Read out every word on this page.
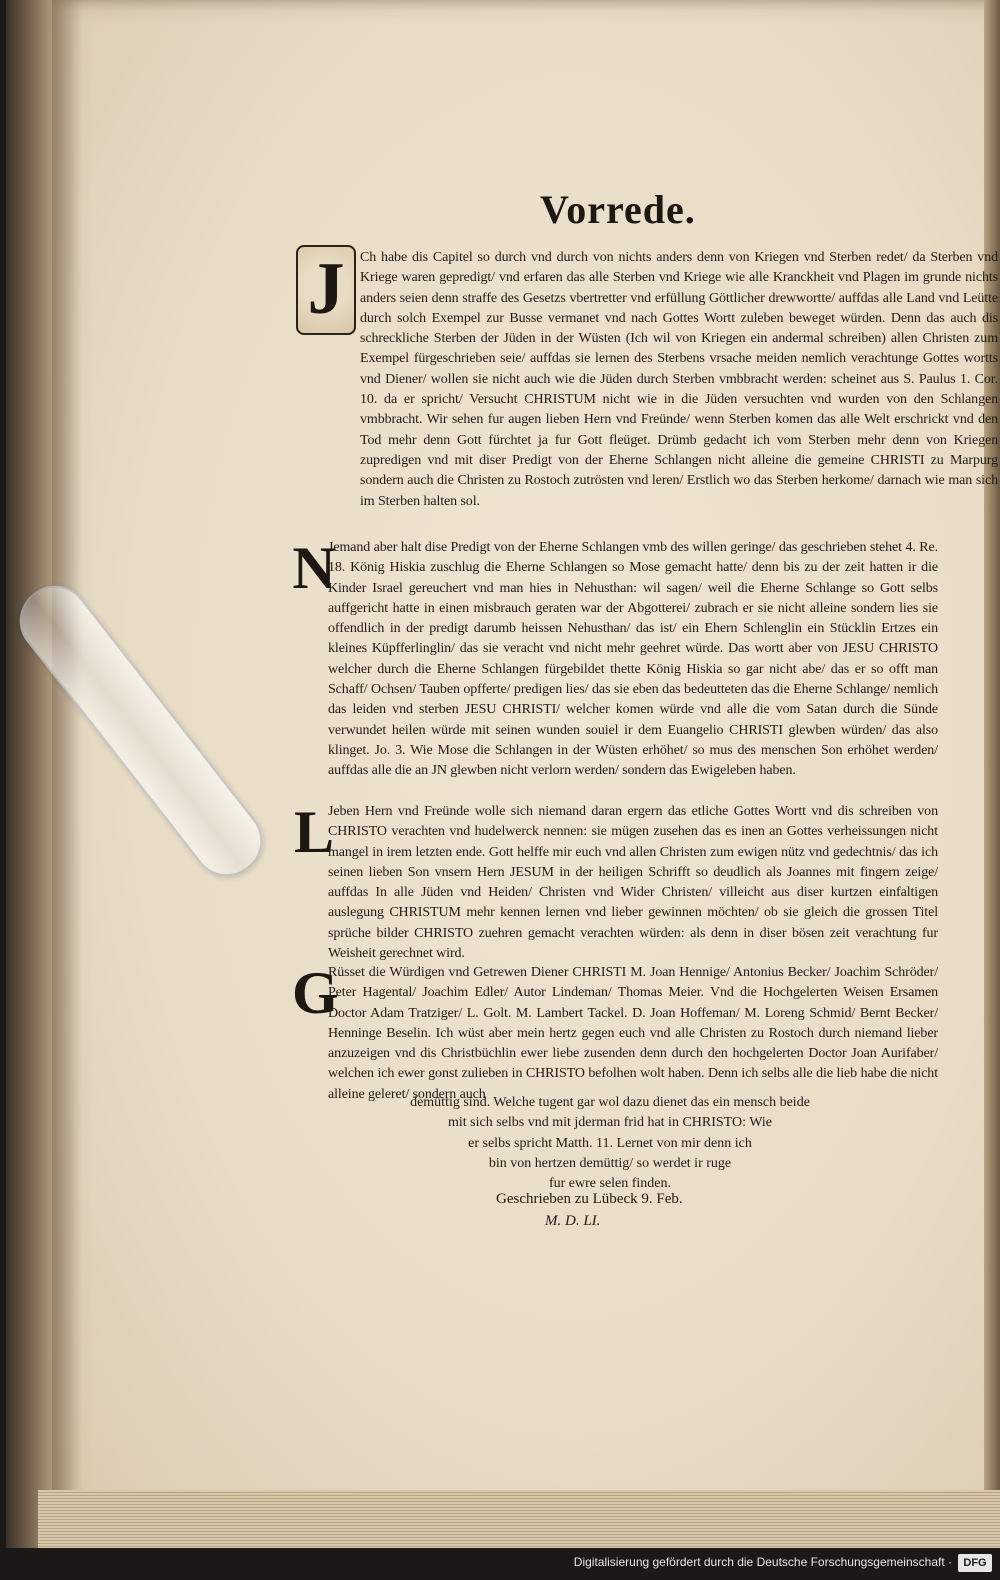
Vorrede.
J	Ch habe dis Capitel so durch vnd durch von nichts anders denn von Kriegen vnd Sterben redet/ da Sterben vnd Kriege waren gepredigt/ vnd erfaren das alle Sterben vnd Kriege wie alle Kranckheit vnd Plagen im grunde nichts anders seien denn straffe des Gesetzs vbertretter vnd erfüllung Göttlicher drewwortte/ auffdas alle Land vnd Leütte durch solch Exempel zur Busse vermanet vnd nach Gottes Wortt zuleben beweget würden. Denn das auch dis schreckliche Sterben der Jüden in der Wüsten (Ich wil von Kriegen ein andermal schreiben) allen Christen zum Exempel fürgeschrieben seie/ auffdas sie lernen des Sterbens vrsache meiden nemlich verachtunge Gottes wortts vnd Diener/ wollen sie nicht auch wie die Jüden durch Sterben vmbbracht werden: scheinet aus S. Paulus 1. Cor. 10. da er spricht/ Versucht CHRISTUM nicht wie in die Jüden versuchten vnd wurden von den Schlangen vmbbracht. Wir sehen fur augen lieben Hern vnd Freünde/ wenn Sterben komen das alle Welt erschrickt vnd den Tod mehr denn Gott fürchtet ja fur Gott fleüget. Drümb gedacht ich vom Sterben mehr denn von Kriegen zupredigen vnd mit diser Predigt von der Eherne Schlangen nicht alleine die gemeine CHRISTI zu Marpurg sondern auch die Christen zu Rostoch zutrösten vnd leren/ Erstlich wo das Sterben herkome/ darnach wie man sich im Sterben halten sol.

N

Jemand aber halt dise Predigt von der Eherne Schlangen vmb des willen geringe/ das geschrieben stehet 4. Re. 18. König Hiskia zuschlug die Eherne Schlangen so Mose gemacht hatte/ denn bis zu der zeit hatten ir die Kinder Israel gereuchert vnd man hies in Nehusthan: wil sagen/ weil die Eherne Schlange so Gott selbs auffgericht hatte in einen misbrauch geraten war der Abgotterei/ zubrach er sie nicht alleine sondern lies sie offendlich in der predigt darumb heissen Nehusthan/ das ist/ ein Ehern Schlenglin ein Stücklin Ertzes ein kleines Küpfferlinglin/ das sie veracht vnd nicht mehr geehret würde. Das wortt aber von JESU CHRISTO welcher durch die Eherne Schlangen fürgebildet thette König Hiskia so gar nicht abe/ das er so offt man Schaff/ Ochsen/ Tauben opfferte/ predigen lies/ das sie eben das bedeutteten das die Eherne Schlange/ nemlich das leiden vnd sterben JESU CHRISTI/ welcher komen würde vnd alle die vom Satan durch die Sünde verwundet heilen würde mit seinen wunden souiel ir dem Euangelio CHRISTI glewben würden/ das also klinget. Jo. 3. Wie Mose die Schlangen in der Wüsten erhöhet/ so mus des menschen Son erhöhet werden/ auffdas alle die an JN glewben nicht verlorn werden/ sondern das Ewigeleben haben.

L

Jeben Hern vnd Freünde wolle sich niemand daran ergern das etliche Gottes Wortt vnd dis schreiben von CHRISTO verachten vnd hudelwerck nennen: sie mügen zusehen das es inen an Gottes verheissungen nicht mangel in irem letzten ende. Gott helffe mir euch vnd allen Christen zum ewigen nütz vnd gedechtnis/ das ich seinen lieben Son vnsern Hern JESUM in der heiligen Schrifft so deudlich als Joannes mit fingern zeige/ auffdas In alle Jüden vnd Heiden/ Christen vnd Wider Christen/ villeicht aus diser kurtzen einfaltigen auslegung CHRISTUM mehr kennen lernen vnd lieber gewinnen möchten/ ob sie gleich die grossen Titel sprüche bilder CHRISTO zuehren gemacht verachten würden: als denn in diser bösen zeit verachtung fur Weisheit gerechnet wird.

G

Rüsset die Würdigen vnd Getrewen Diener CHRISTI M. Joan Hennige/ Antonius Becker/ Joachim Schröder/ Peter Hagental/ Joachim Edler/ Autor Lindeman/ Thomas Meier. Vnd die Hochgelerten Weisen Ersamen Doctor Adam Tratziger/ L. Golt. M. Lambert Tackel. D. Joan Hoffeman/ M. Loreng Schmid/ Bernt Becker/ Henninge Beselin. Ich wüst aber mein hertz gegen euch vnd alle Christen zu Rostoch durch niemand lieber anzuzeigen vnd dis Christbüchlin ewer liebe zusenden denn durch den hochgelerten Doctor Joan Aurifaber/ welchen ich ewer gonst zulieben in CHRISTO befolhen wolt haben. Denn ich selbs alle die lieb habe die nicht alleine geleret/ sondern auch

demüttig sind. Welche tugent gar wol dazu dienet das ein mensch beide
mit sich selbs vnd mit jderman frid hat in CHRISTO: Wie
er selbs spricht Matth. 11. Lernet von mir denn ich
bin von hertzen demüttig/ so werdet ir ruge
fur ewre selen finden.
Geschrieben zu Lübeck 9. Feb.
M. D. LI.
Digitalisierung gefördert durch die Deutsche Forschungsgemeinschaft ·	DFG
